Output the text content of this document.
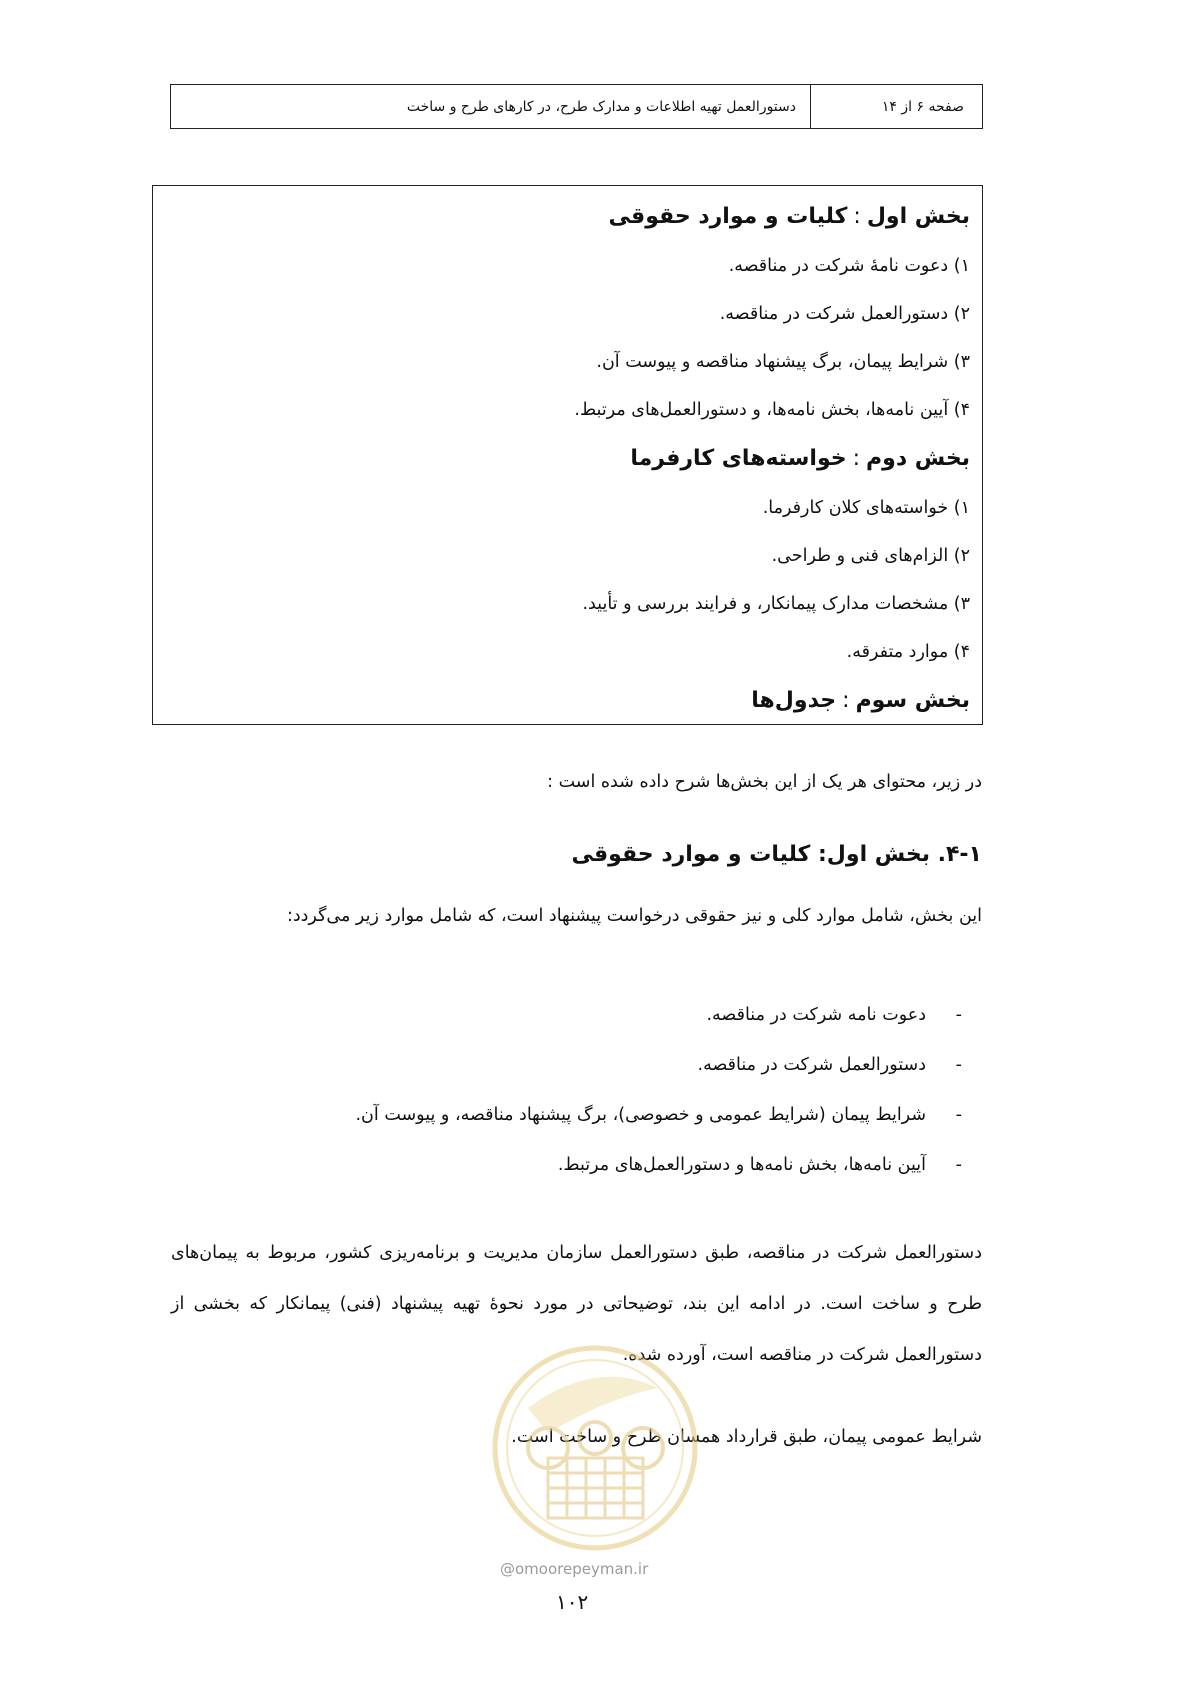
صفحه ۶ از ۱۴
دستورالعمل تهیه اطلاعات و مدارک طرح، در کارهای طرح و ساخت
بخش اول:کلیات و موارد حقوقی
۱) دعوت نامۀ شرکت در مناقصه.
۲) دستورالعمل شرکت در مناقصه.
۳) شرایط پیمان، برگ پیشنهاد مناقصه و پیوست آن.
۴) آیین نامه‌ها، بخش نامه‌ها، و دستورالعمل‌های مرتبط.
بخش دوم:خواسته‌های کارفرما
۱) خواسته‌های کلان کارفرما.
۲) الزام‌های فنی و طراحی.
۳) مشخصات مدارک پیمانکار، و فرایند بررسی و تأیید.
۴) موارد متفرقه.
بخش سوم:جدول‌ها
در زیر، محتوای هر یک از این بخش‌ها شرح داده شده است :
۴-۱. بخش اول: کلیات و موارد حقوقی
این بخش، شامل موارد کلی و نیز حقوقی درخواست پیشنهاد است، که شامل موارد زیر می‌گردد:
-
دعوت نامه شرکت در مناقصه.
-
دستورالعمل شرکت در مناقصه.
-
شرایط پیمان (شرایط عمومی و خصوصی)، برگ پیشنهاد مناقصه، و پیوست آن.
-
آیین نامه‌ها، بخش نامه‌ها و دستورالعمل‌های مرتبط.
دستورالعمل شرکت در مناقصه، طبق دستورالعمل سازمان مدیریت و برنامه‌ریزی کشور، مربوط به پیمان‌های طرح و ساخت است. در ادامه این بند، توضیحاتی در مورد نحوۀ تهیه پیشنهاد (فنی) پیمانکار که بخشی از دستورالعمل شرکت در مناقصه است، آورده شده.
شرایط عمومی پیمان، طبق قرارداد همسان طرح و ساخت است.
@omoorepeyman.ir
۱۰۲
